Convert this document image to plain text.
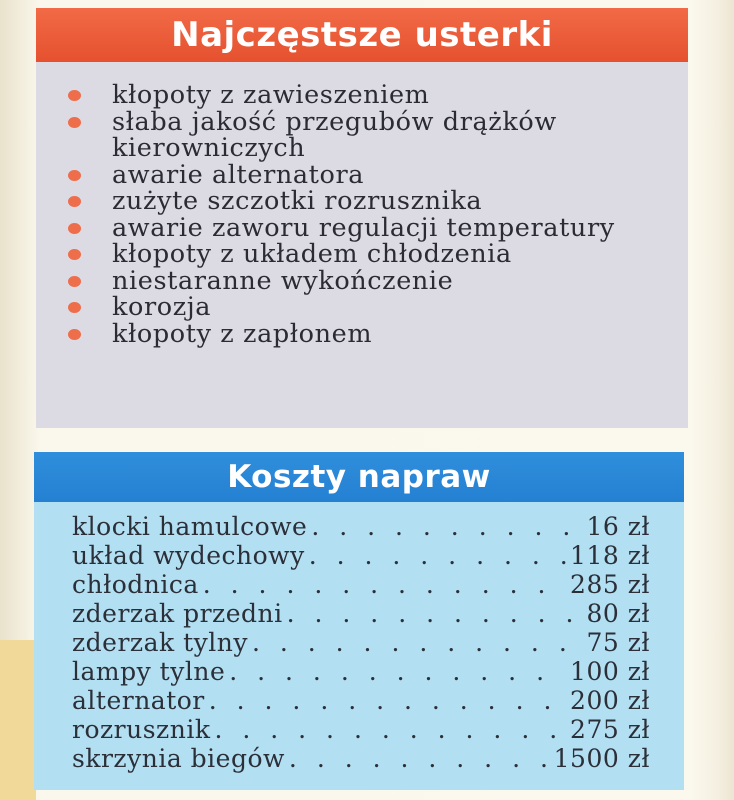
Najczęstsze usterki
kłopoty z zawieszeniem
słaba jakość przegubów drążków kierowniczych
awarie alternatora
zużyte szczotki rozrusznika
awarie zaworu regulacji temperatury
kłopoty z układem chłodzenia
niestaranne wykończenie
korozja
kłopoty z zapłonem
Koszty napraw
klocki hamulcowe . . .	16 zł
układ wydechowy . . .	118 zł
chłodnica . . .	285 zł
zderzak przedni . . .	80 zł
zderzak tylny . . .	75 zł
lampy tylne . . .	100 zł
alternator . . .	200 zł
rozrusznik . . .	275 zł
skrzynia biegów . . .	1500 zł
